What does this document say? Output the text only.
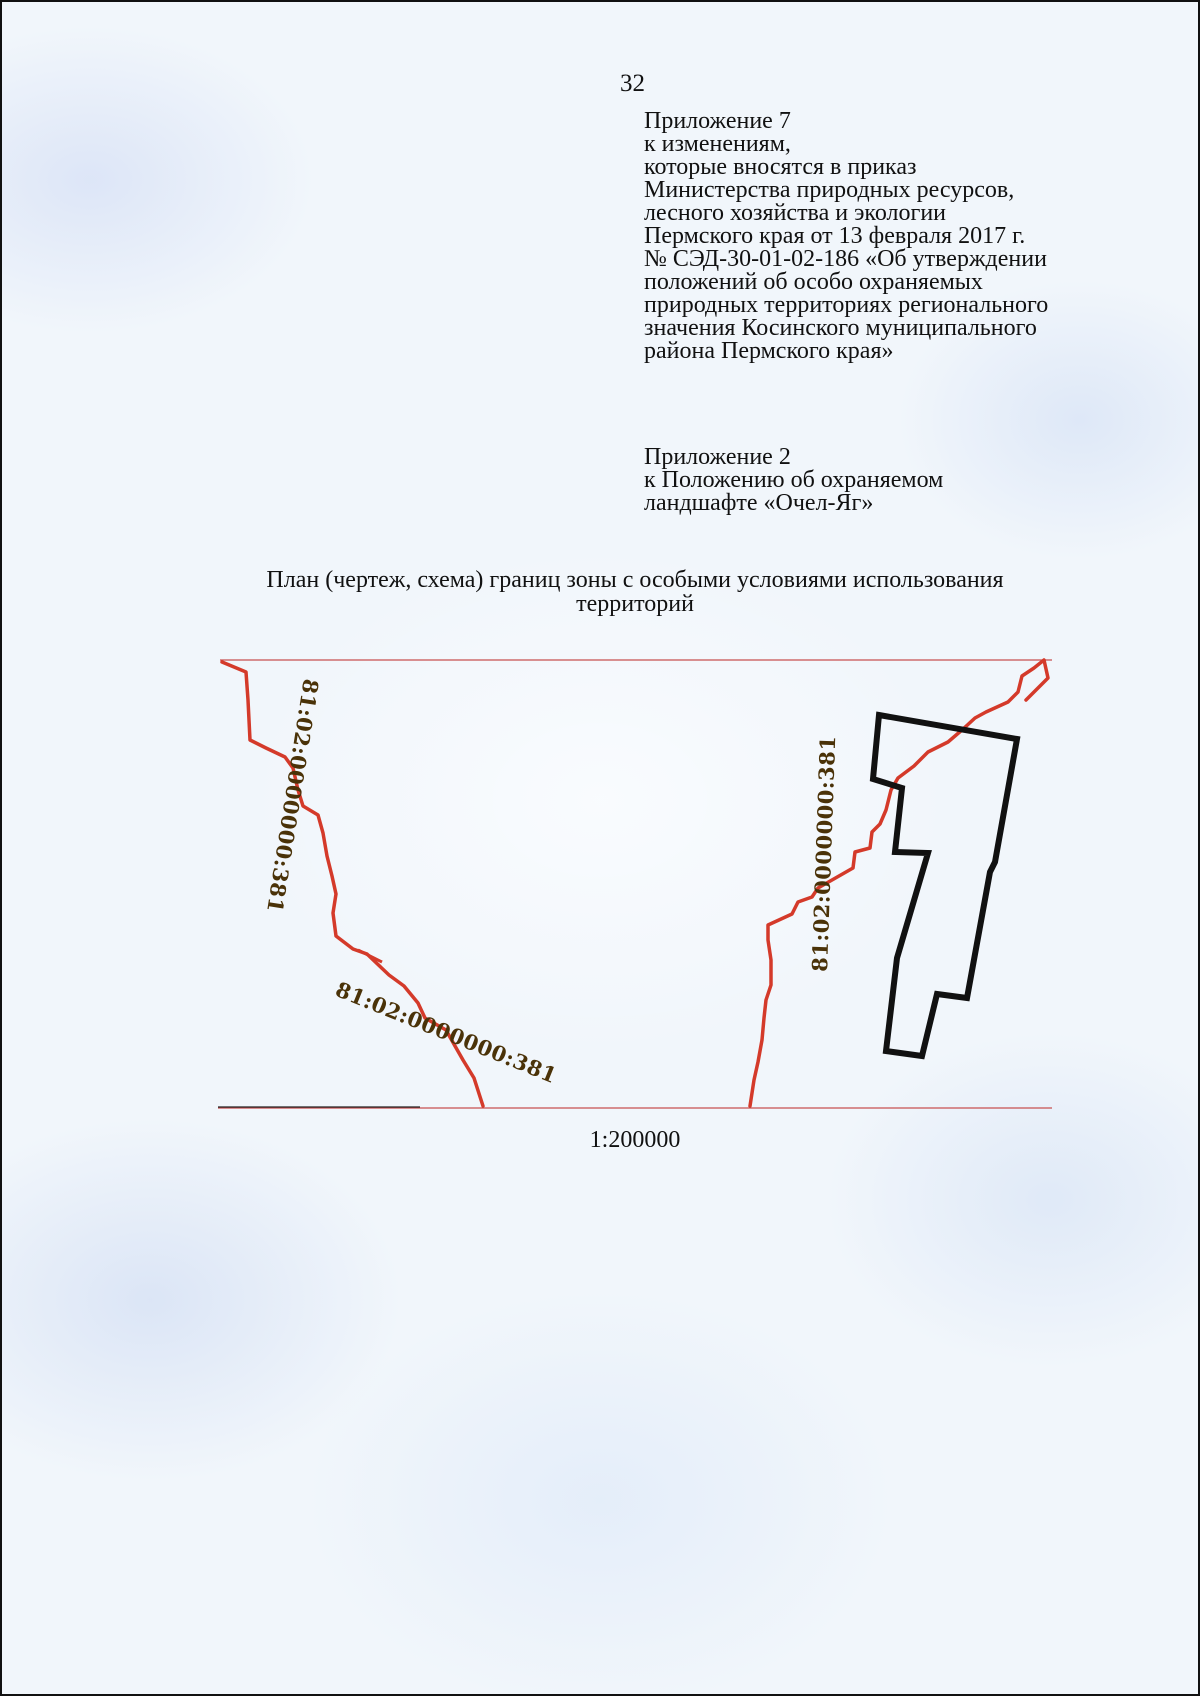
32
Приложение 7
к изменениям,
которые вносятся в приказ
Министерства природных ресурсов,
лесного хозяйства и экологии
Пермского края от 13 февраля 2017 г.
№ СЭД-30-01-02-186 «Об утверждении
положений об особо охраняемых
природных территориях регионального
значения Косинского муниципального
района Пермского края»
Приложение 2
к Положению об охраняемом
ландшафте «Очел-Яг»
План (чертеж, схема) границ зоны с особыми условиями использования
территорий
81:02:0000000:381
81:02:0000000:381
81:02:0000000:381
1:200000
